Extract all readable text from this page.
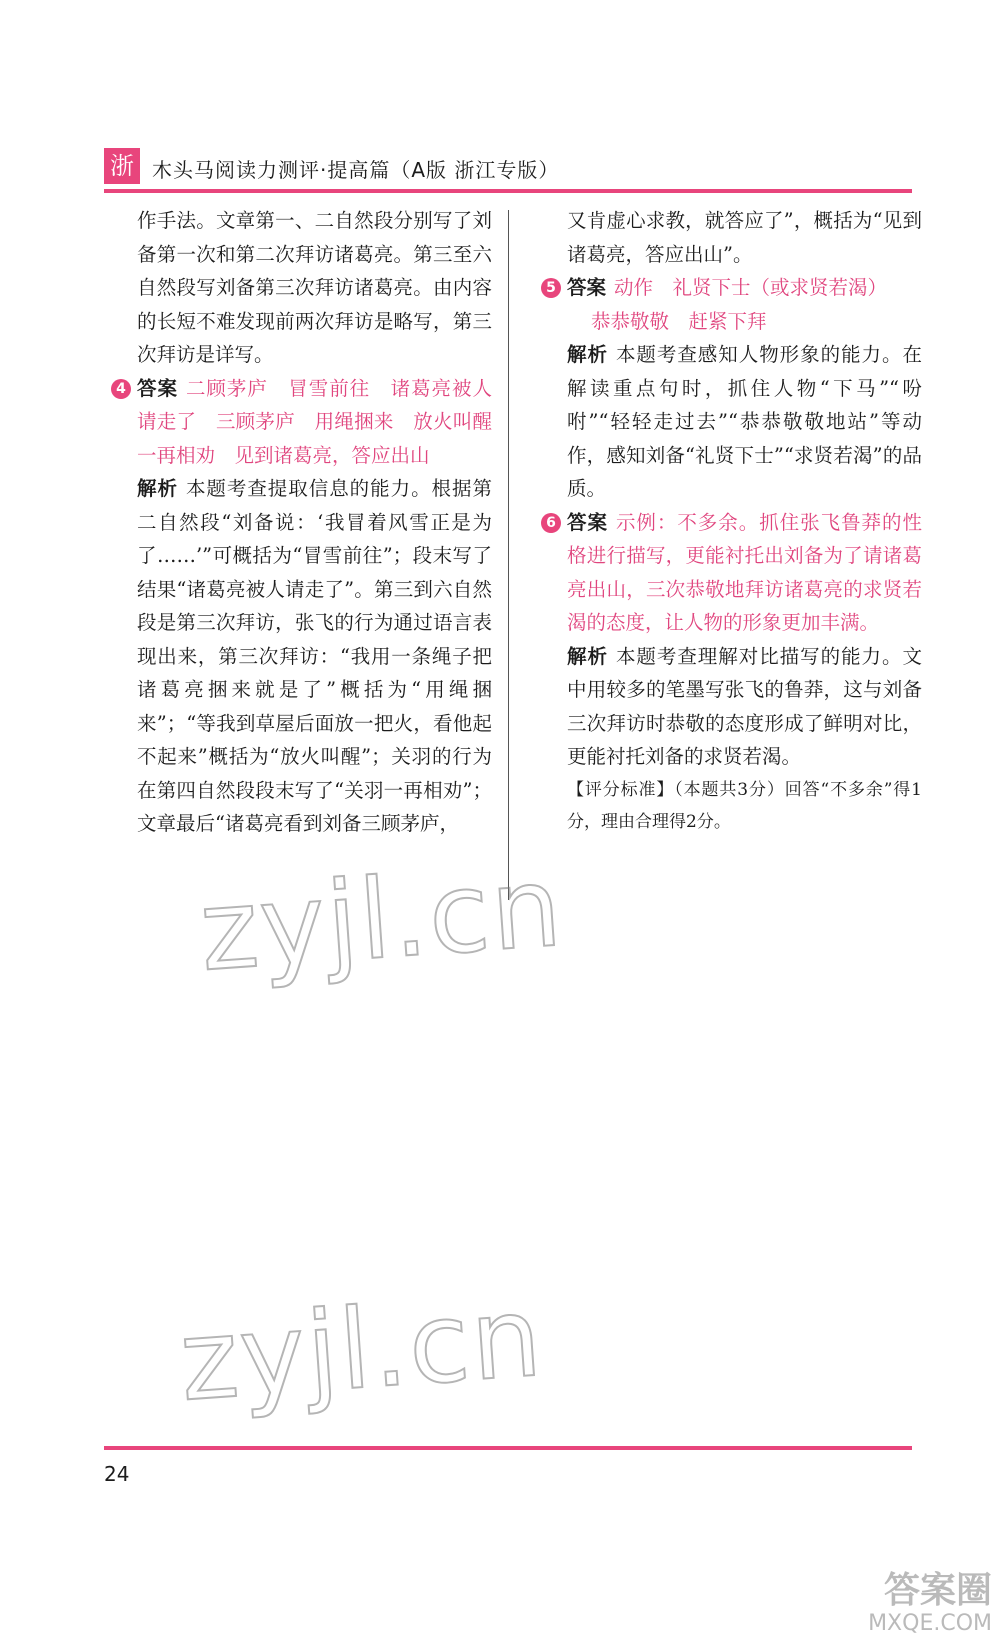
浙 木头马阅读力测评·提高篇（A版 浙江专版）

作手法。文章第一、二自然段分别写了刘备第一次和第二次拜访诸葛亮。第三至六自然段写刘备第三次拜访诸葛亮。由内容的长短不难发现前两次拜访是略写，第三次拜访是详写。

4 答案 二顾茅庐　冒雪前往　诸葛亮被人请走了　三顾茅庐　用绳捆来　放火叫醒　一再相劝　见到诸葛亮，答应出山

解析 本题考查提取信息的能力。根据第二自然段“刘备说：‘我冒着风雪正是为了……’”可概括为“冒雪前往”；段末写了结果“诸葛亮被人请走了”。第三到六自然段是第三次拜访，张飞的行为通过语言表现出来，第三次拜访：“我用一条绳子把诸葛亮捆来就是了”概括为“用绳捆来”；“等我到草屋后面放一把火，看他起不起来”概括为“放火叫醒”；关羽的行为在第四自然段段末写了“关羽一再相劝”；文章最后“诸葛亮看到刘备三顾茅庐，

又肯虚心求教，就答应了”，概括为“见到诸葛亮，答应出山”。

5 答案 动作　礼贤下士（或求贤若渴）

恭恭敬敬　赶紧下拜

解析 本题考查感知人物形象的能力。在解读重点句时，抓住人物“下马”“吩咐”“轻轻走过去”“恭恭敬敬地站”等动作，感知刘备“礼贤下士”“求贤若渴”的品质。

6 答案 示例：不多余。抓住张飞鲁莽的性格进行描写，更能衬托出刘备为了请诸葛亮出山，三次恭敬地拜访诸葛亮的求贤若渴的态度，让人物的形象更加丰满。

解析 本题考查理解对比描写的能力。文中用较多的笔墨写张飞的鲁莽，这与刘备三次拜访时恭敬的态度形成了鲜明对比，更能衬托刘备的求贤若渴。

【评分标准】（本题共3分）回答“不多余”得1分，理由合理得2分。

24
zyjl.cn
zyjl.cn
答案圈
MXQE.COM
